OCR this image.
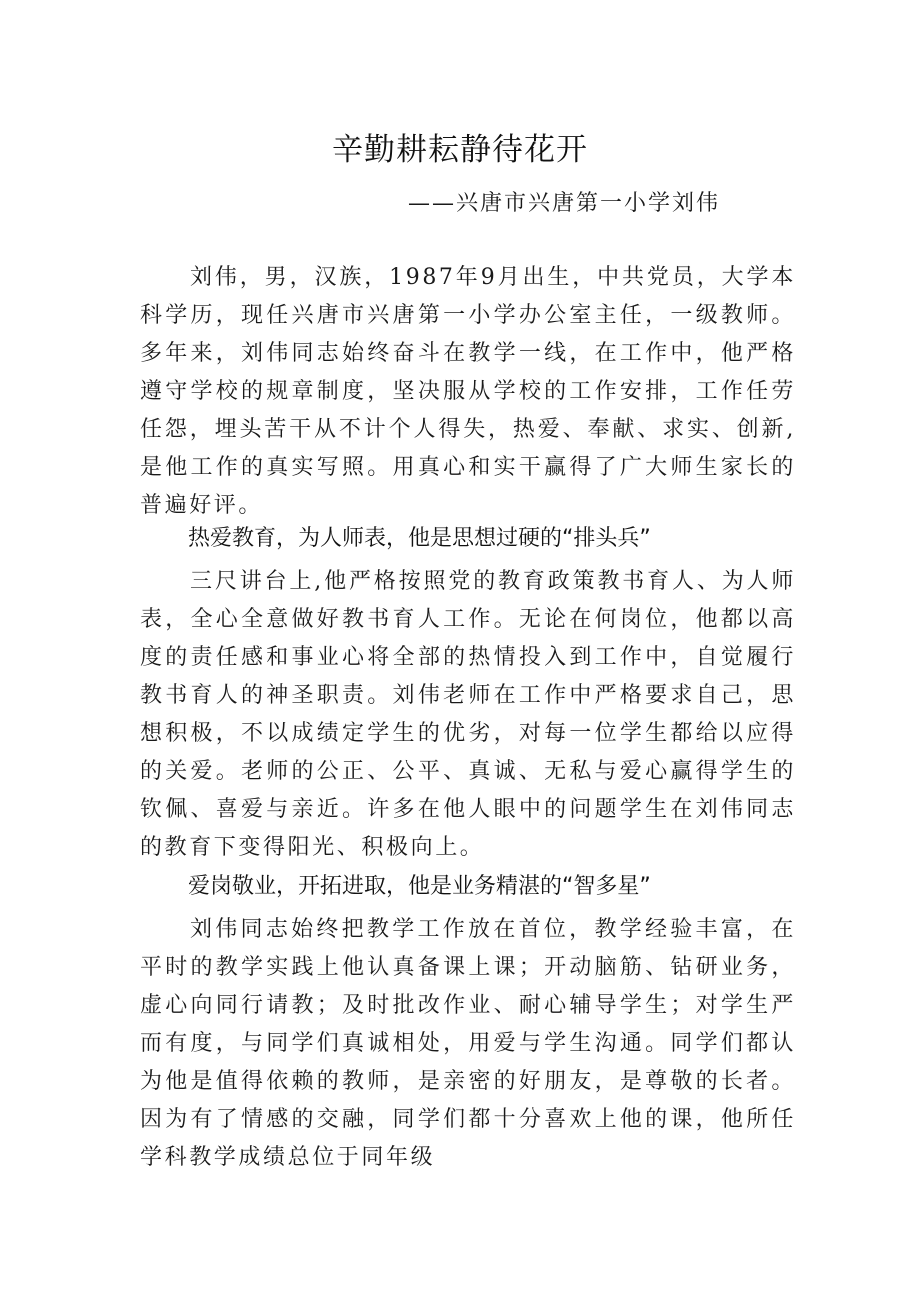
辛勤耕耘静待花开
——兴唐市兴唐第一小学刘伟

刘伟，男，汉族，1987年9月出生，中共党员，大学本科学历，现任兴唐市兴唐第一小学办公室主任，一级教师。多年来，刘伟同志始终奋斗在教学一线，在工作中，他严格遵守学校的规章制度，坚决服从学校的工作安排，工作任劳任怨，埋头苦干从不计个人得失，热爱、奉献、求实、创新,是他工作的真实写照。用真心和实干赢得了广大师生家长的普遍好评。

热爱教育，为人师表，他是思想过硬的“排头兵”

三尺讲台上,他严格按照党的教育政策教书育人、为人师表，全心全意做好教书育人工作。无论在何岗位，他都以高度的责任感和事业心将全部的热情投入到工作中，自觉履行教书育人的神圣职责。刘伟老师在工作中严格要求自己，思想积极，不以成绩定学生的优劣，对每一位学生都给以应得的关爱。老师的公正、公平、真诚、无私与爱心赢得学生的钦佩、喜爱与亲近。许多在他人眼中的问题学生在刘伟同志的教育下变得阳光、积极向上。

爱岗敬业，开拓进取，他是业务精湛的“智多星”

刘伟同志始终把教学工作放在首位，教学经验丰富，在平时的教学实践上他认真备课上课；开动脑筋、钻研业务，虚心向同行请教；及时批改作业、耐心辅导学生；对学生严而有度，与同学们真诚相处，用爱与学生沟通。同学们都认为他是值得依赖的教师，是亲密的好朋友，是尊敬的长者。因为有了情感的交融，同学们都十分喜欢上他的课，他所任学科教学成绩总位于同年级
